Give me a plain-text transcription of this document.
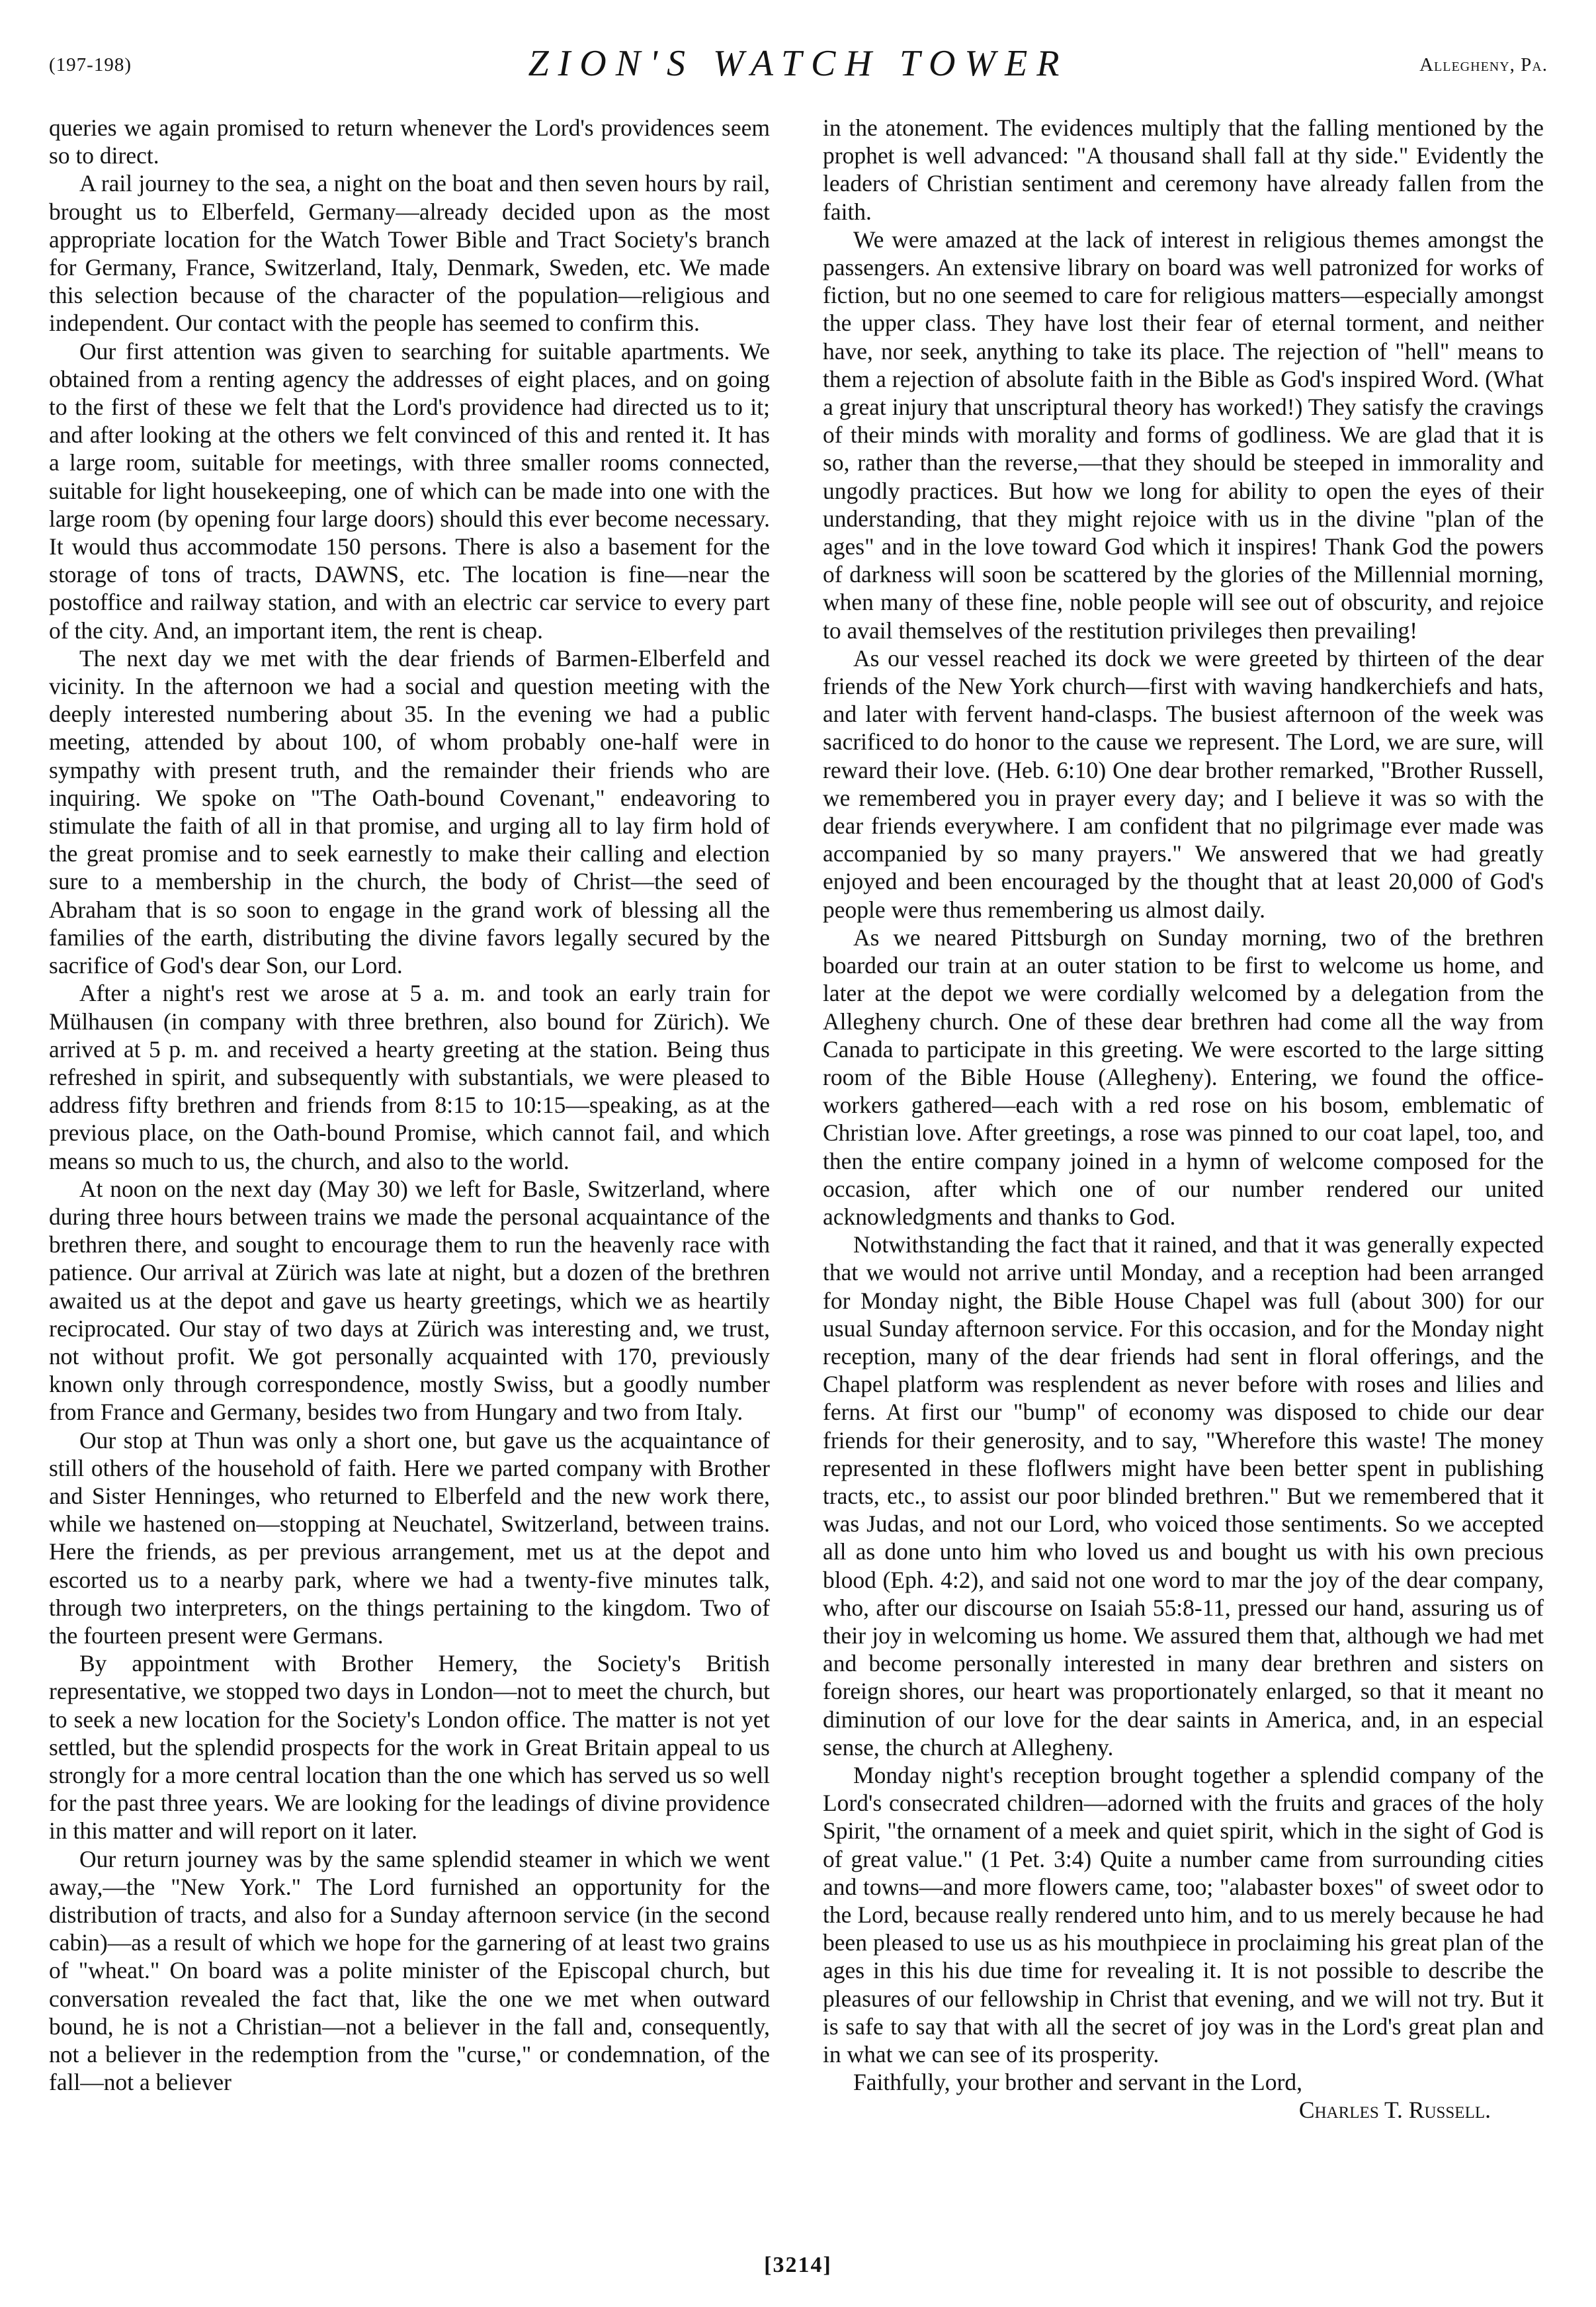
(197-198)	ZION'S WATCH TOWER	Allegheny, Pa.

queries we again promised to return whenever the Lord's providences seem so to direct.

A rail journey to the sea, a night on the boat and then seven hours by rail, brought us to Elberfeld, Germany—already decided upon as the most appropriate location for the Watch Tower Bible and Tract Society's branch for Germany, France, Switzerland, Italy, Denmark, Sweden, etc. We made this selection because of the character of the population—religious and independent. Our contact with the people has seemed to confirm this.

Our first attention was given to searching for suitable apartments. We obtained from a renting agency the addresses of eight places, and on going to the first of these we felt that the Lord's providence had directed us to it; and after looking at the others we felt convinced of this and rented it. It has a large room, suitable for meetings, with three smaller rooms connected, suitable for light housekeeping, one of which can be made into one with the large room (by opening four large doors) should this ever become necessary. It would thus accommodate 150 persons. There is also a basement for the storage of tons of tracts, DAWNS, etc. The location is fine—near the postoffice and railway station, and with an electric car service to every part of the city. And, an important item, the rent is cheap.

The next day we met with the dear friends of Barmen-Elberfeld and vicinity. In the afternoon we had a social and question meeting with the deeply interested numbering about 35. In the evening we had a public meeting, attended by about 100, of whom probably one-half were in sympathy with present truth, and the remainder their friends who are inquiring. We spoke on "The Oath-bound Covenant," endeavoring to stimulate the faith of all in that promise, and urging all to lay firm hold of the great promise and to seek earnestly to make their calling and election sure to a membership in the church, the body of Christ—the seed of Abraham that is so soon to engage in the grand work of blessing all the families of the earth, distributing the divine favors legally secured by the sacrifice of God's dear Son, our Lord.

After a night's rest we arose at 5 a. m. and took an early train for Mülhausen (in company with three brethren, also bound for Zürich). We arrived at 5 p. m. and received a hearty greeting at the station. Being thus refreshed in spirit, and subsequently with substantials, we were pleased to address fifty brethren and friends from 8:15 to 10:15—speaking, as at the previous place, on the Oath-bound Promise, which cannot fail, and which means so much to us, the church, and also to the world.

At noon on the next day (May 30) we left for Basle, Switzerland, where during three hours between trains we made the personal acquaintance of the brethren there, and sought to encourage them to run the heavenly race with patience. Our arrival at Zürich was late at night, but a dozen of the brethren awaited us at the depot and gave us hearty greetings, which we as heartily reciprocated. Our stay of two days at Zürich was interesting and, we trust, not without profit. We got personally acquainted with 170, previously known only through correspondence, mostly Swiss, but a goodly number from France and Germany, besides two from Hungary and two from Italy.

Our stop at Thun was only a short one, but gave us the acquaintance of still others of the household of faith. Here we parted company with Brother and Sister Henninges, who returned to Elberfeld and the new work there, while we hastened on—stopping at Neuchatel, Switzerland, between trains. Here the friends, as per previous arrangement, met us at the depot and escorted us to a nearby park, where we had a twenty-five minutes talk, through two interpreters, on the things pertaining to the kingdom. Two of the fourteen present were Germans.

By appointment with Brother Hemery, the Society's British representative, we stopped two days in London—not to meet the church, but to seek a new location for the Society's London office. The matter is not yet settled, but the splendid prospects for the work in Great Britain appeal to us strongly for a more central location than the one which has served us so well for the past three years. We are looking for the leadings of divine providence in this matter and will report on it later.

Our return journey was by the same splendid steamer in which we went away,—the "New York." The Lord furnished an opportunity for the distribution of tracts, and also for a Sunday afternoon service (in the second cabin)—as a result of which we hope for the garnering of at least two grains of "wheat." On board was a polite minister of the Episcopal church, but conversation revealed the fact that, like the one we met when outward bound, he is not a Christian—not a believer in the fall and, consequently, not a believer in the redemption from the "curse," or condemnation, of the fall—not a believer

in the atonement. The evidences multiply that the falling mentioned by the prophet is well advanced: "A thousand shall fall at thy side." Evidently the leaders of Christian sentiment and ceremony have already fallen from the faith.

We were amazed at the lack of interest in religious themes amongst the passengers. An extensive library on board was well patronized for works of fiction, but no one seemed to care for religious matters—especially amongst the upper class. They have lost their fear of eternal torment, and neither have, nor seek, anything to take its place. The rejection of "hell" means to them a rejection of absolute faith in the Bible as God's inspired Word. (What a great injury that unscriptural theory has worked!) They satisfy the cravings of their minds with morality and forms of godliness. We are glad that it is so, rather than the reverse,—that they should be steeped in immorality and ungodly practices. But how we long for ability to open the eyes of their understanding, that they might rejoice with us in the divine "plan of the ages" and in the love toward God which it inspires! Thank God the powers of darkness will soon be scattered by the glories of the Millennial morning, when many of these fine, noble people will see out of obscurity, and rejoice to avail themselves of the restitution privileges then prevailing!

As our vessel reached its dock we were greeted by thirteen of the dear friends of the New York church—first with waving handkerchiefs and hats, and later with fervent hand-clasps. The busiest afternoon of the week was sacrificed to do honor to the cause we represent. The Lord, we are sure, will reward their love. (Heb. 6:10) One dear brother remarked, "Brother Russell, we remembered you in prayer every day; and I believe it was so with the dear friends everywhere. I am confident that no pilgrimage ever made was accompanied by so many prayers." We answered that we had greatly enjoyed and been encouraged by the thought that at least 20,000 of God's people were thus remembering us almost daily.

As we neared Pittsburgh on Sunday morning, two of the brethren boarded our train at an outer station to be first to welcome us home, and later at the depot we were cordially welcomed by a delegation from the Allegheny church. One of these dear brethren had come all the way from Canada to participate in this greeting. We were escorted to the large sitting room of the Bible House (Allegheny). Entering, we found the office-workers gathered—each with a red rose on his bosom, emblematic of Christian love. After greetings, a rose was pinned to our coat lapel, too, and then the entire company joined in a hymn of welcome composed for the occasion, after which one of our number rendered our united acknowledgments and thanks to God.

Notwithstanding the fact that it rained, and that it was generally expected that we would not arrive until Monday, and a reception had been arranged for Monday night, the Bible House Chapel was full (about 300) for our usual Sunday afternoon service. For this occasion, and for the Monday night reception, many of the dear friends had sent in floral offerings, and the Chapel platform was resplendent as never before with roses and lilies and ferns. At first our "bump" of economy was disposed to chide our dear friends for their generosity, and to say, "Wherefore this waste! The money represented in these floflwers might have been better spent in publishing tracts, etc., to assist our poor blinded brethren." But we remembered that it was Judas, and not our Lord, who voiced those sentiments. So we accepted all as done unto him who loved us and bought us with his own precious blood (Eph. 4:2), and said not one word to mar the joy of the dear company, who, after our discourse on Isaiah 55:8-11, pressed our hand, assuring us of their joy in welcoming us home. We assured them that, although we had met and become personally interested in many dear brethren and sisters on foreign shores, our heart was proportionately enlarged, so that it meant no diminution of our love for the dear saints in America, and, in an especial sense, the church at Allegheny.

Monday night's reception brought together a splendid company of the Lord's consecrated children—adorned with the fruits and graces of the holy Spirit, "the ornament of a meek and quiet spirit, which in the sight of God is of great value." (1 Pet. 3:4) Quite a number came from surrounding cities and towns—and more flowers came, too; "alabaster boxes" of sweet odor to the Lord, because really rendered unto him, and to us merely because he had been pleased to use us as his mouthpiece in proclaiming his great plan of the ages in this his due time for revealing it. It is not possible to describe the pleasures of our fellowship in Christ that evening, and we will not try. But it is safe to say that with all the secret of joy was in the Lord's great plan and in what we can see of its prosperity.

Faithfully, your brother and servant in the Lord,

Charles T. Russell.

[3214]
